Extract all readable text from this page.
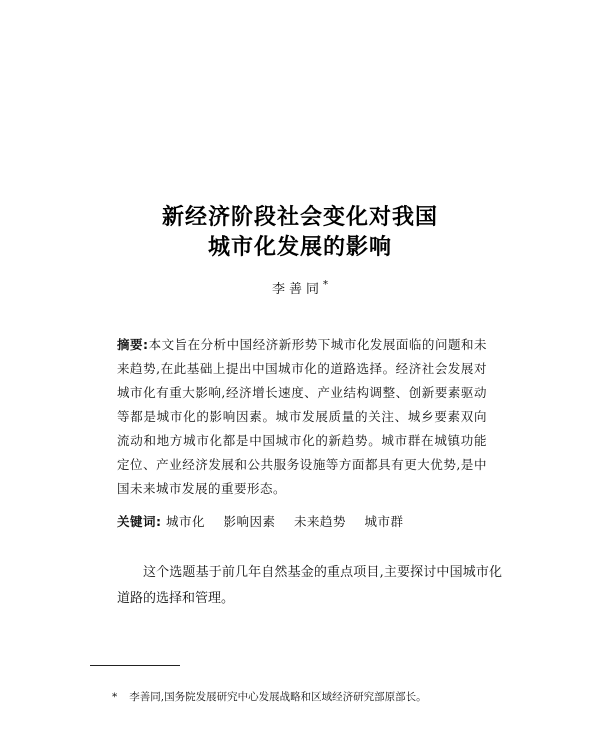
新经济阶段社会变化对我国
城市化发展的影响
李善同*
摘要:本文旨在分析中国经济新形势下城市化发展面临的问题和未来趋势,在此基础上提出中国城市化的道路选择。经济社会发展对城市化有重大影响,经济增长速度、产业结构调整、创新要素驱动等都是城市化的影响因素。城市发展质量的关注、城乡要素双向流动和地方城市化都是中国城市化的新趋势。城市群在城镇功能定位、产业经济发展和公共服务设施等方面都具有更大优势,是中国未来城市发展的重要形态。
关键词: 城市化 影响因素 未来趋势 城市群
这个选题基于前几年自然基金的重点项目,主要探讨中国城市化道路的选择和管理。
* 李善同,国务院发展研究中心发展战略和区域经济研究部原部长。
